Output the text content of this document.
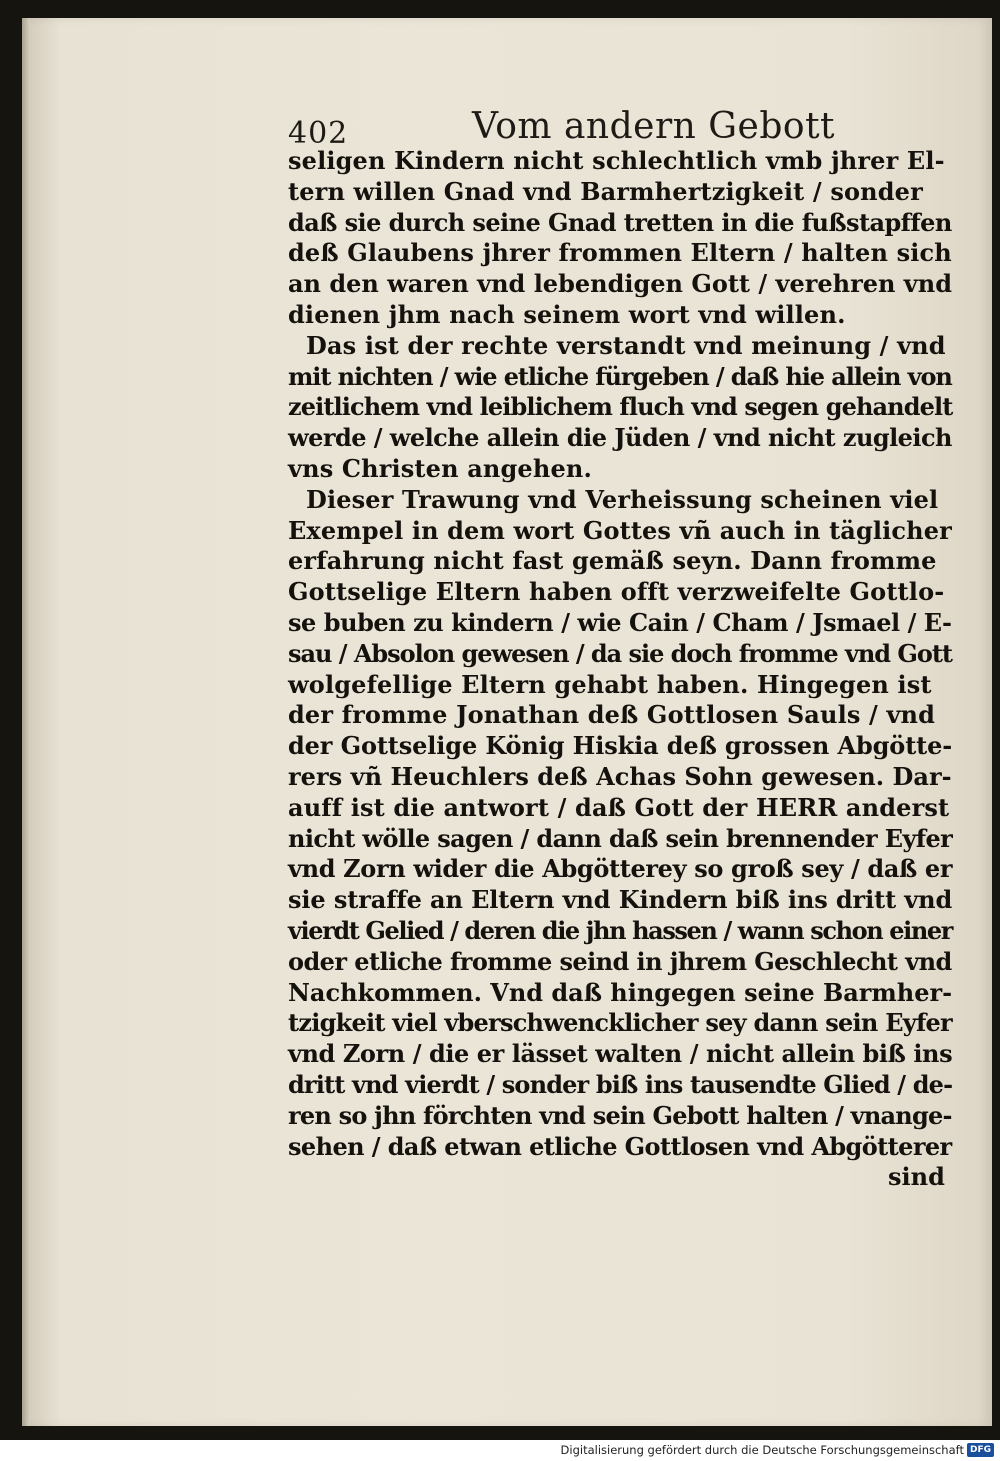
402	Vom andern Gebott
seligen Kindern nicht schlechtlich vmb jhrer El-
tern willen Gnad vnd Barmhertzigkeit / sonder
daß sie durch seine Gnad tretten in die fußstapffen
deß Glaubens jhrer frommen Eltern / halten sich
an den waren vnd lebendigen Gott / verehren vnd
dienen jhm nach seinem wort vnd willen.
Das ist der rechte verstandt vnd meinung / vnd
mit nichten / wie etliche fürgeben / daß hie allein von
zeitlichem vnd leiblichem fluch vnd segen gehandelt
werde / welche allein die Jüden / vnd nicht zugleich
vns Christen angehen.
Dieser Trawung vnd Verheissung scheinen viel
Exempel in dem wort Gottes vñ auch in täglicher
erfahrung nicht fast gemäß seyn. Dann fromme
Gottselige Eltern haben offt verzweifelte Gottlo-
se buben zu kindern / wie Cain / Cham / Jsmael / E-
sau / Absolon gewesen / da sie doch fromme vnd Gott
wolgefellige Eltern gehabt haben. Hingegen ist
der fromme Jonathan deß Gottlosen Sauls / vnd
der Gottselige König Hiskia deß grossen Abgötte-
rers vñ Heuchlers deß Achas Sohn gewesen. Dar-
auff ist die antwort / daß Gott der HERR anderst
nicht wölle sagen / dann daß sein brennender Eyfer
vnd Zorn wider die Abgötterey so groß sey / daß er
sie straffe an Eltern vnd Kindern biß ins dritt vnd
vierdt Gelied / deren die jhn hassen / wann schon einer
oder etliche fromme seind in jhrem Geschlecht vnd
Nachkommen. Vnd daß hingegen seine Barmher-
tzigkeit viel vberschwencklicher sey dann sein Eyfer
vnd Zorn / die er lässet walten / nicht allein biß ins
dritt vnd vierdt / sonder biß ins tausendte Glied / de-
ren so jhn förchten vnd sein Gebott halten / vnange-
sehen / daß etwan etliche Gottlosen vnd Abgötterer
sind
Digitalisierung gefördert durch die Deutsche Forschungsgemeinschaft DFG
